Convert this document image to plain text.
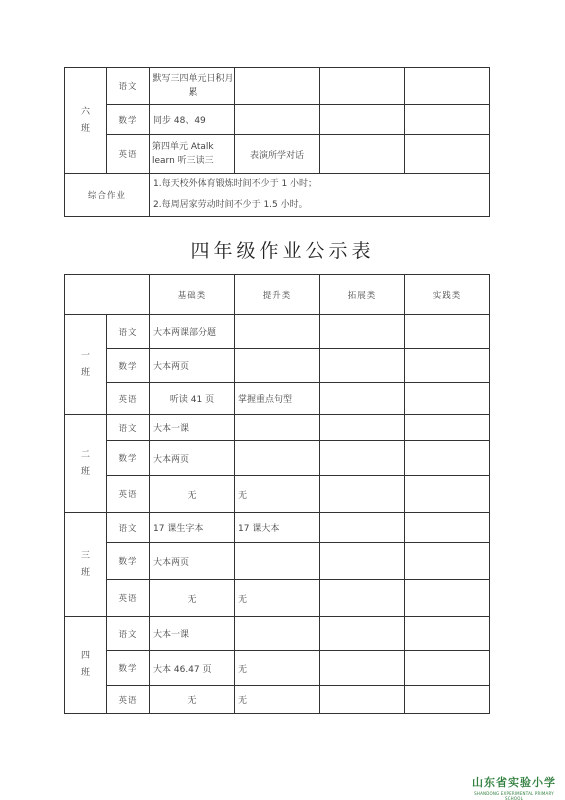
六班	语文	默写三四单元日积月累			
	数学	同步 48、49			
	英语	第四单元 Atalk learn 听三读三	表演所学对话		
综合作业		1.每天校外体育锻炼时间不少于 1 小时；
2.每周居家劳动时间不少于 1.5 小时。			
四年级作业公示表
		基础类	提升类	拓展类	实践类
一班	语文	大本两课部分题			
	数学	大本两页			
	英语	听读 41 页	掌握重点句型		
二班	语文	大本一课			
	数学	大本两页			
	英语	无	无		
三班	语文	17 课生字本	17 课大本		
	数学	大本两页			
	英语	无	无		
四班	语文	大本一课			
	数学	大本 46.47 页	无		
	英语	无	无		
山东省实验小学
SHANDONG EXPERIMENTAL PRIMARY SCHOOL
